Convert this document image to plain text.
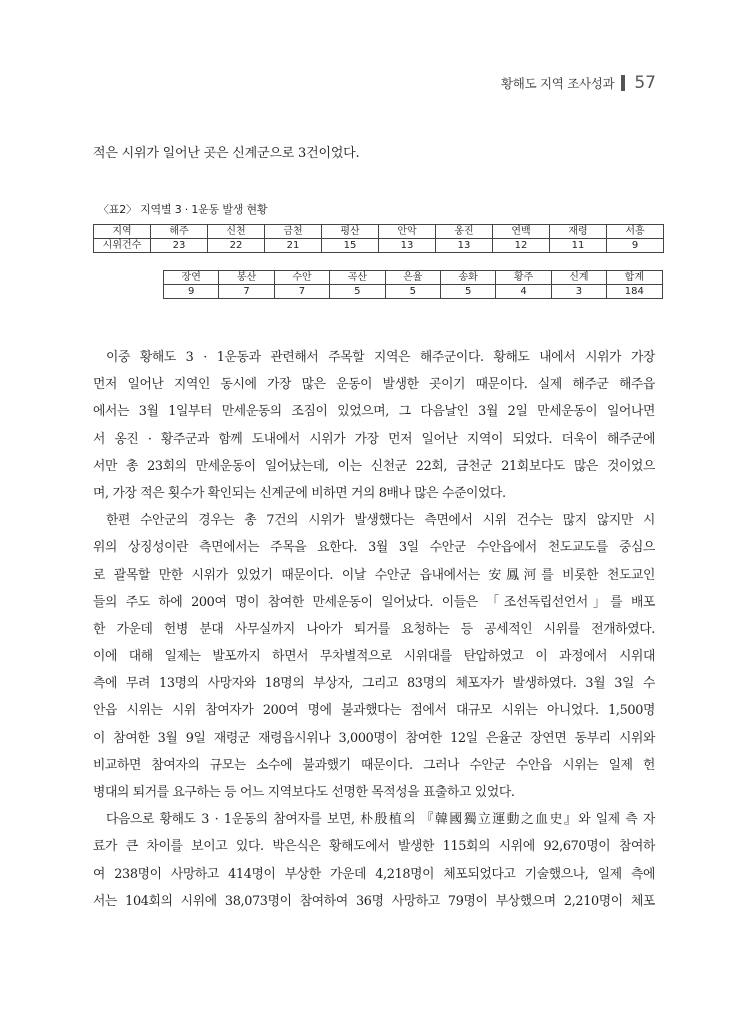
황해도 지역 조사성과 57
적은 시위가 일어난 곳은 신계군으로 3건이었다.
〈표2〉 지역별 3 · 1운동 발생 현황
지역	해주	신천	금천	평산	안악	옹진	연백	재령	서흥
시위건수	23	22	21	15	13	13	12	11	9
장연	봉산	수안	곡산	은율	송화	황주	신계	합계
9	7	7	5	5	5	4	3	184
이중 황해도 3 · 1운동과 관련해서 주목할 지역은 해주군이다. 황해도 내에서 시위가 가장
먼저 일어난 지역인 동시에 가장 많은 운동이 발생한 곳이기 때문이다. 실제 해주군 해주읍
에서는 3월 1일부터 만세운동의 조짐이 있었으며, 그 다음날인 3월 2일 만세운동이 일어나면
서 옹진 · 황주군과 함께 도내에서 시위가 가장 먼저 일어난 지역이 되었다. 더욱이 해주군에
서만 총 23회의 만세운동이 일어났는데, 이는 신천군 22회, 금천군 21회보다도 많은 것이었으
며, 가장 적은 횟수가 확인되는 신계군에 비하면 거의 8배나 많은 수준이었다.
한편 수안군의 경우는 총 7건의 시위가 발생했다는 측면에서 시위 건수는 많지 않지만 시
위의 상징성이란 측면에서는 주목을 요한다. 3월 3일 수안군 수안읍에서 천도교도를 중심으
로 괄목할 만한 시위가 있었기 때문이다. 이날 수안군 읍내에서는 安鳳河를 비롯한 천도교인
들의 주도 하에 200여 명이 참여한 만세운동이 일어났다. 이들은 「조선독립선언서」를 배포
한 가운데 헌병 분대 사무실까지 나아가 퇴거를 요청하는 등 공세적인 시위를 전개하였다.
이에 대해 일제는 발포까지 하면서 무차별적으로 시위대를 탄압하였고 이 과정에서 시위대
측에 무려 13명의 사망자와 18명의 부상자, 그리고 83명의 체포자가 발생하였다. 3월 3일 수
안읍 시위는 시위 참여자가 200여 명에 불과했다는 점에서 대규모 시위는 아니었다. 1,500명
이 참여한 3월 9일 재령군 재령읍시위나 3,000명이 참여한 12일 은율군 장연면 동부리 시위와
비교하면 참여자의 규모는 소수에 불과했기 때문이다. 그러나 수안군 수안읍 시위는 일제 헌
병대의 퇴거를 요구하는 등 어느 지역보다도 선명한 목적성을 표출하고 있었다.
다음으로 황해도 3 · 1운동의 참여자를 보면, 朴殷植의 『韓國獨立運動之血史』와 일제 측 자
료가 큰 차이를 보이고 있다. 박은식은 황해도에서 발생한 115회의 시위에 92,670명이 참여하
여 238명이 사망하고 414명이 부상한 가운데 4,218명이 체포되었다고 기술했으나, 일제 측에
서는 104회의 시위에 38,073명이 참여하여 36명 사망하고 79명이 부상했으며 2,210명이 체포
